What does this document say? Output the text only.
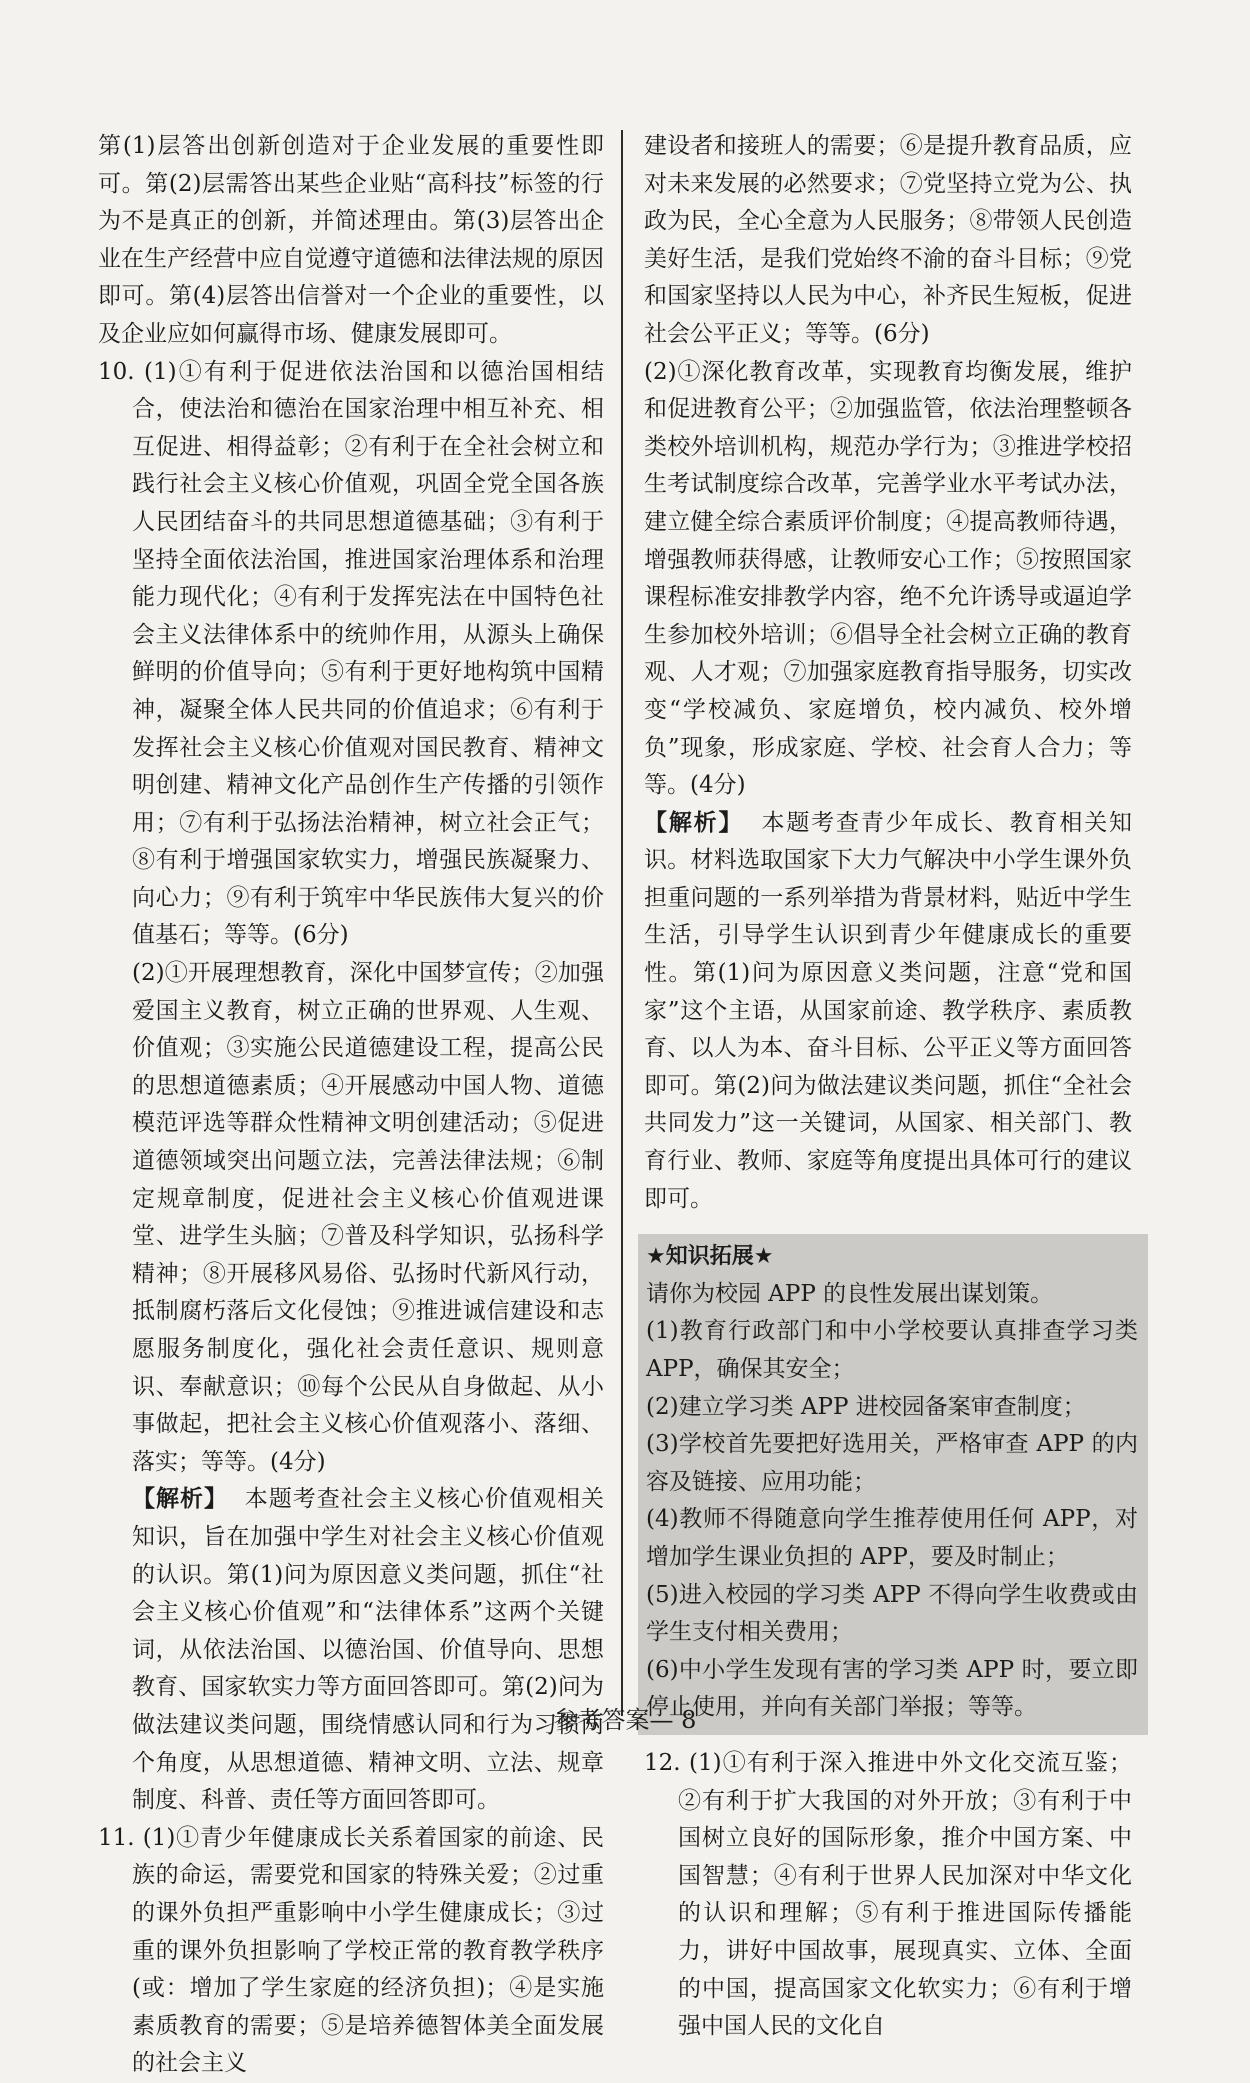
第(1)层答出创新创造对于企业发展的重要性即可。第(2)层需答出某些企业贴“高科技”标签的行为不是真正的创新，并简述理由。第(3)层答出企业在生产经营中应自觉遵守道德和法律法规的原因即可。第(4)层答出信誉对一个企业的重要性，以及企业应如何赢得市场、健康发展即可。

10. (1)①有利于促进依法治国和以德治国相结合，使法治和德治在国家治理中相互补充、相互促进、相得益彰；②有利于在全社会树立和践行社会主义核心价值观，巩固全党全国各族人民团结奋斗的共同思想道德基础；③有利于坚持全面依法治国，推进国家治理体系和治理能力现代化；④有利于发挥宪法在中国特色社会主义法律体系中的统帅作用，从源头上确保鲜明的价值导向；⑤有利于更好地构筑中国精神，凝聚全体人民共同的价值追求；⑥有利于发挥社会主义核心价值观对国民教育、精神文明创建、精神文化产品创作生产传播的引领作用；⑦有利于弘扬法治精神，树立社会正气；⑧有利于增强国家软实力，增强民族凝聚力、向心力；⑨有利于筑牢中华民族伟大复兴的价值基石；等等。(6分)

(2)①开展理想教育，深化中国梦宣传；②加强爱国主义教育，树立正确的世界观、人生观、价值观；③实施公民道德建设工程，提高公民的思想道德素质；④开展感动中国人物、道德模范评选等群众性精神文明创建活动；⑤促进道德领域突出问题立法，完善法律法规；⑥制定规章制度，促进社会主义核心价值观进课堂、进学生头脑；⑦普及科学知识，弘扬科学精神；⑧开展移风易俗、弘扬时代新风行动，抵制腐朽落后文化侵蚀；⑨推进诚信建设和志愿服务制度化，强化社会责任意识、规则意识、奉献意识；⑩每个公民从自身做起、从小事做起，把社会主义核心价值观落小、落细、落实；等等。(4分)

【解析】 本题考查社会主义核心价值观相关知识，旨在加强中学生对社会主义核心价值观的认识。第(1)问为原因意义类问题，抓住“社会主义核心价值观”和“法律体系”这两个关键词，从依法治国、以德治国、价值导向、思想教育、国家软实力等方面回答即可。第(2)问为做法建议类问题，围绕情感认同和行为习惯两个角度，从思想道德、精神文明、立法、规章制度、科普、责任等方面回答即可。

11. (1)①青少年健康成长关系着国家的前途、民族的命运，需要党和国家的特殊关爱；②过重的课外负担严重影响中小学生健康成长；③过重的课外负担影响了学校正常的教育教学秩序(或：增加了学生家庭的经济负担)；④是实施素质教育的需要；⑤是培养德智体美全面发展的社会主义

建设者和接班人的需要；⑥是提升教育品质，应对未来发展的必然要求；⑦党坚持立党为公、执政为民，全心全意为人民服务；⑧带领人民创造美好生活，是我们党始终不渝的奋斗目标；⑨党和国家坚持以人民为中心，补齐民生短板，促进社会公平正义；等等。(6分)

(2)①深化教育改革，实现教育均衡发展，维护和促进教育公平；②加强监管，依法治理整顿各类校外培训机构，规范办学行为；③推进学校招生考试制度综合改革，完善学业水平考试办法，建立健全综合素质评价制度；④提高教师待遇，增强教师获得感，让教师安心工作；⑤按照国家课程标准安排教学内容，绝不允许诱导或逼迫学生参加校外培训；⑥倡导全社会树立正确的教育观、人才观；⑦加强家庭教育指导服务，切实改变“学校减负、家庭增负，校内减负、校外增负”现象，形成家庭、学校、社会育人合力；等等。(4分)

【解析】 本题考查青少年成长、教育相关知识。材料选取国家下大力气解决中小学生课外负担重问题的一系列举措为背景材料，贴近中学生生活，引导学生认识到青少年健康成长的重要性。第(1)问为原因意义类问题，注意“党和国家”这个主语，从国家前途、教学秩序、素质教育、以人为本、奋斗目标、公平正义等方面回答即可。第(2)问为做法建议类问题，抓住“全社会共同发力”这一关键词，从国家、相关部门、教育行业、教师、家庭等角度提出具体可行的建议即可。

★知识拓展★

请你为校园 APP 的良性发展出谋划策。

(1)教育行政部门和中小学校要认真排查学习类 APP，确保其安全；

(2)建立学习类 APP 进校园备案审查制度；

(3)学校首先要把好选用关，严格审查 APP 的内容及链接、应用功能；

(4)教师不得随意向学生推荐使用任何 APP，对增加学生课业负担的 APP，要及时制止；

(5)进入校园的学习类 APP 不得向学生收费或由学生支付相关费用；

(6)中小学生发现有害的学习类 APP 时，要立即停止使用，并向有关部门举报；等等。

12. (1)①有利于深入推进中外文化交流互鉴；②有利于扩大我国的对外开放；③有利于中国树立良好的国际形象，推介中国方案、中国智慧；④有利于世界人民加深对中华文化的认识和理解；⑤有利于推进国际传播能力，讲好中国故事，展现真实、立体、全面的中国，提高国家文化软实力；⑥有利于增强中国人民的文化自

参考答案— 8
